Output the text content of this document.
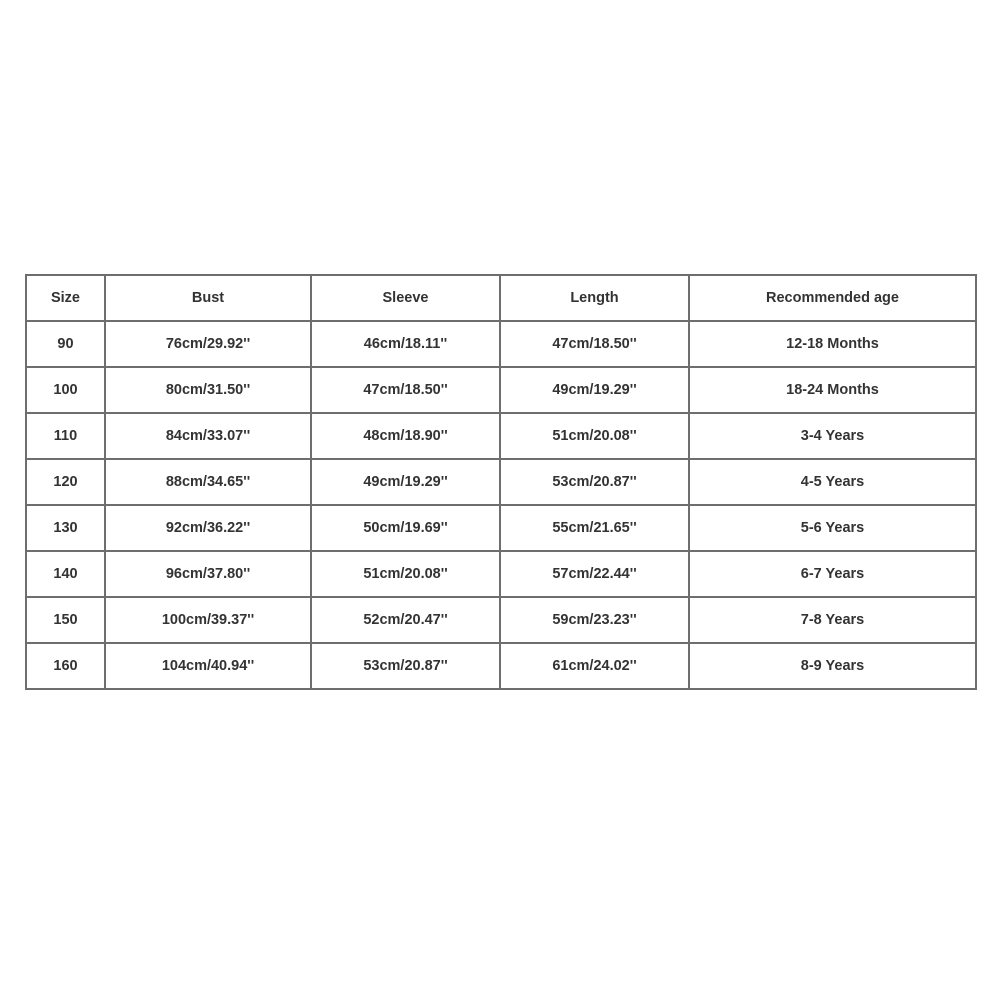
Size	Bust	Sleeve	Length	Recommended age
90	76cm/29.92''	46cm/18.11''	47cm/18.50''	12-18 Months
100	80cm/31.50''	47cm/18.50''	49cm/19.29''	18-24 Months
110	84cm/33.07''	48cm/18.90''	51cm/20.08''	3-4 Years
120	88cm/34.65''	49cm/19.29''	53cm/20.87''	4-5 Years
130	92cm/36.22''	50cm/19.69''	55cm/21.65''	5-6 Years
140	96cm/37.80''	51cm/20.08''	57cm/22.44''	6-7 Years
150	100cm/39.37''	52cm/20.47''	59cm/23.23''	7-8 Years
160	104cm/40.94''	53cm/20.87''	61cm/24.02''	8-9 Years
